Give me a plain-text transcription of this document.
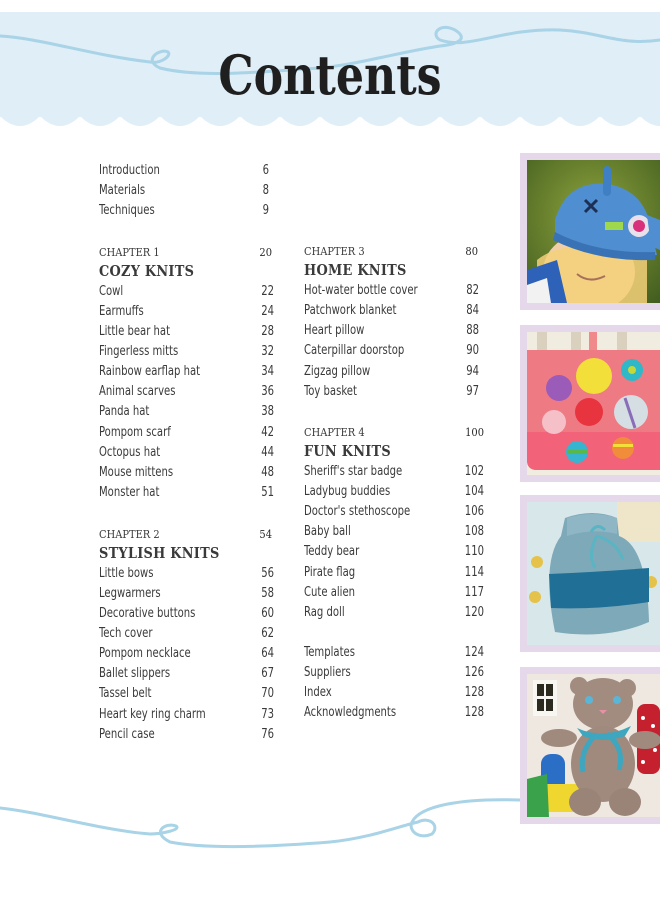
Contents
Introduction	6
Materials	8
Techniques	9
CHAPTER 1	20
COZY KNITS
Cowl	22
Earmuffs	24
Little bear hat	28
Fingerless mitts	32
Rainbow earflap hat	34
Animal scarves	36
Panda hat	38
Pompom scarf	42
Octopus hat	44
Mouse mittens	48
Monster hat	51
CHAPTER 2	54
STYLISH KNITS
Little bows	56
Legwarmers	58
Decorative buttons	60
Tech cover	62
Pompom necklace	64
Ballet slippers	67
Tassel belt	70
Heart key ring charm	73
Pencil case	76
CHAPTER 3	80
HOME KNITS
Hot-water bottle cover	82
Patchwork blanket	84
Heart pillow	88
Caterpillar doorstop	90
Zigzag pillow	94
Toy basket	97
CHAPTER 4	100
FUN KNITS
Sheriff's star badge	102
Ladybug buddies	104
Doctor's stethoscope	106
Baby ball	108
Teddy bear	110
Pirate flag	114
Cute alien	117
Rag doll	120
Templates	124
Suppliers	126
Index	128
Acknowledgments	128
